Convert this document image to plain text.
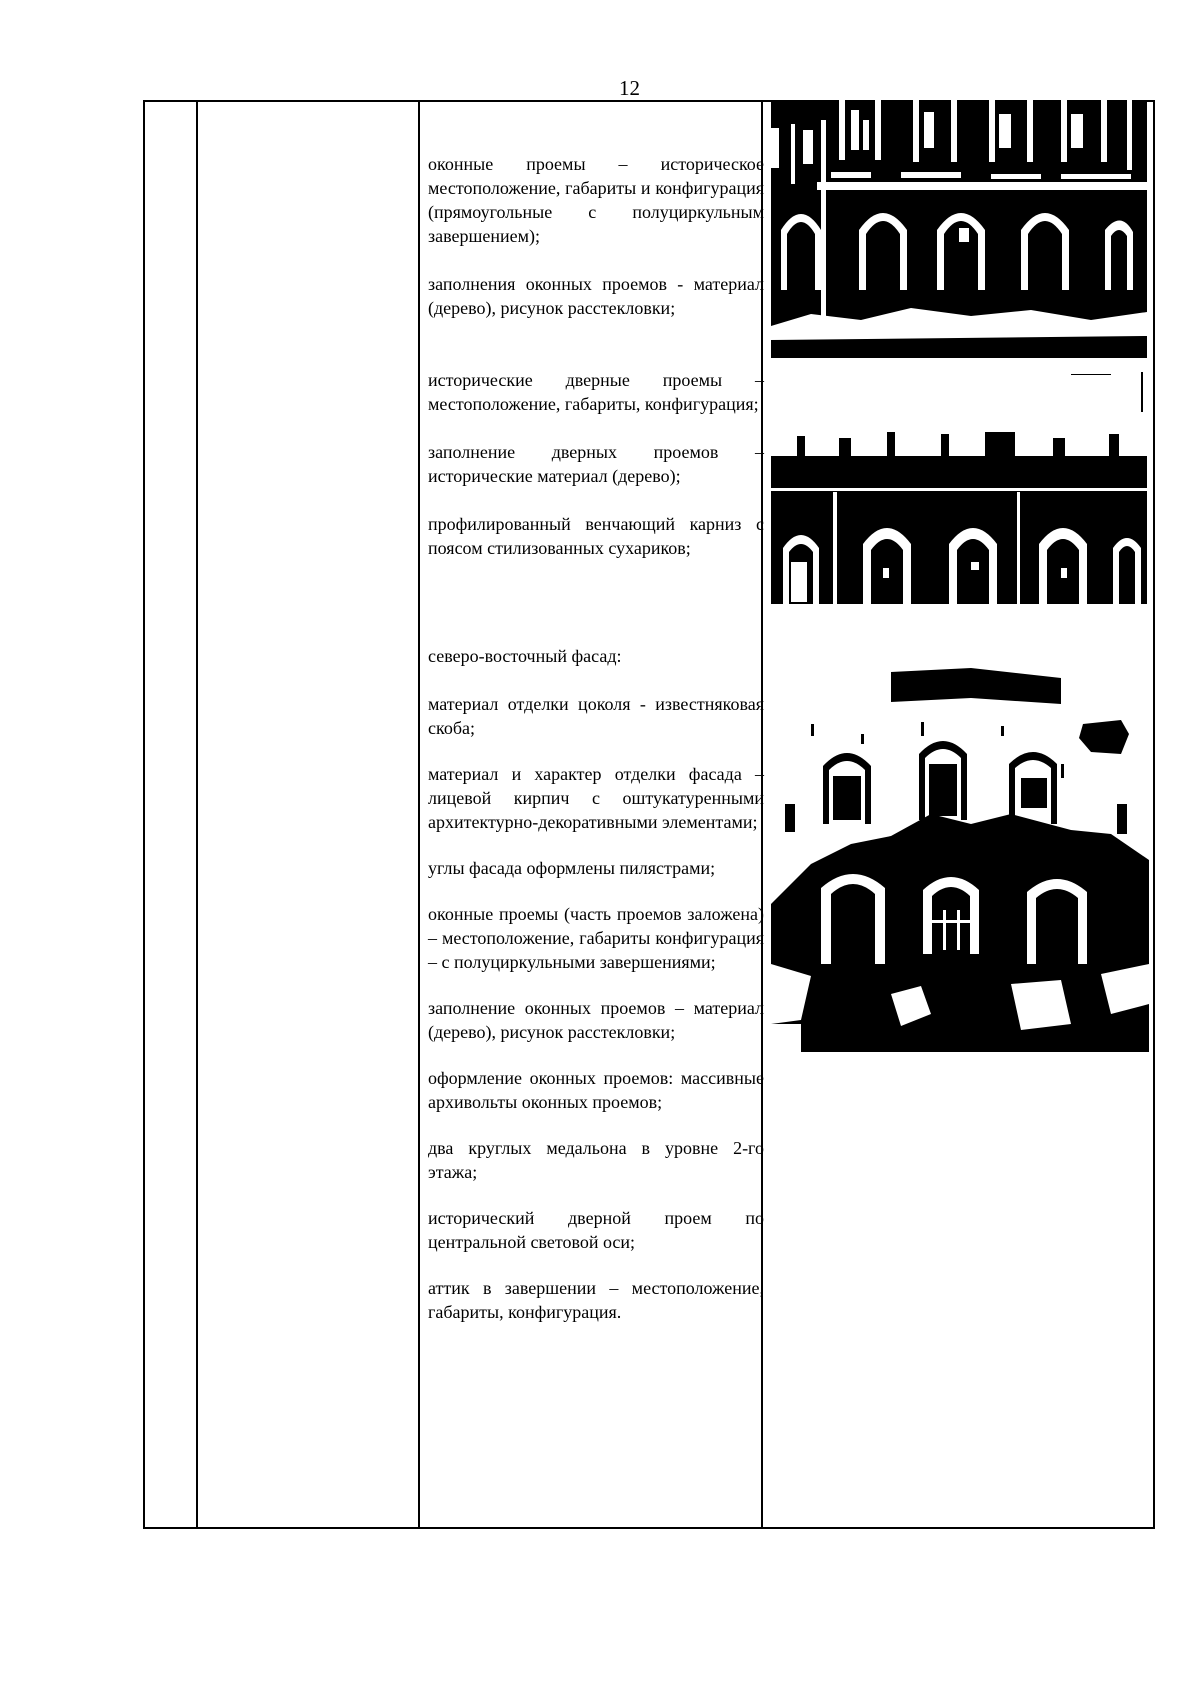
12

оконные проемы – историческое местоположение, габариты и конфигурация (прямоугольные с полуциркульным завершением);

заполнения оконных проемов - материал (дерево), рисунок расстекловки;

исторические дверные проемы – местоположение, габариты, конфигурация;

заполнение дверных проемов – исторические материал (дерево);

профилированный венчающий карниз с поясом стилизованных сухариков;

северо-восточный фасад:

материал отделки цоколя - известняковая скоба;

материал и характер отделки фасада – лицевой кирпич с оштукатуренными архитектурно-декоративными элементами;

углы фасада оформлены пилястрами;

оконные проемы (часть проемов заложена) – местоположение, габариты конфигурация – с полуциркульными завершениями;

заполнение оконных проемов – материал (дерево), рисунок расстекловки;

оформление оконных проемов: массивные архивольты оконных проемов;

два круглых медальона в уровне 2-го этажа;

исторический дверной проем по центральной световой оси;

аттик в завершении – местоположение, габариты, конфигурация.
